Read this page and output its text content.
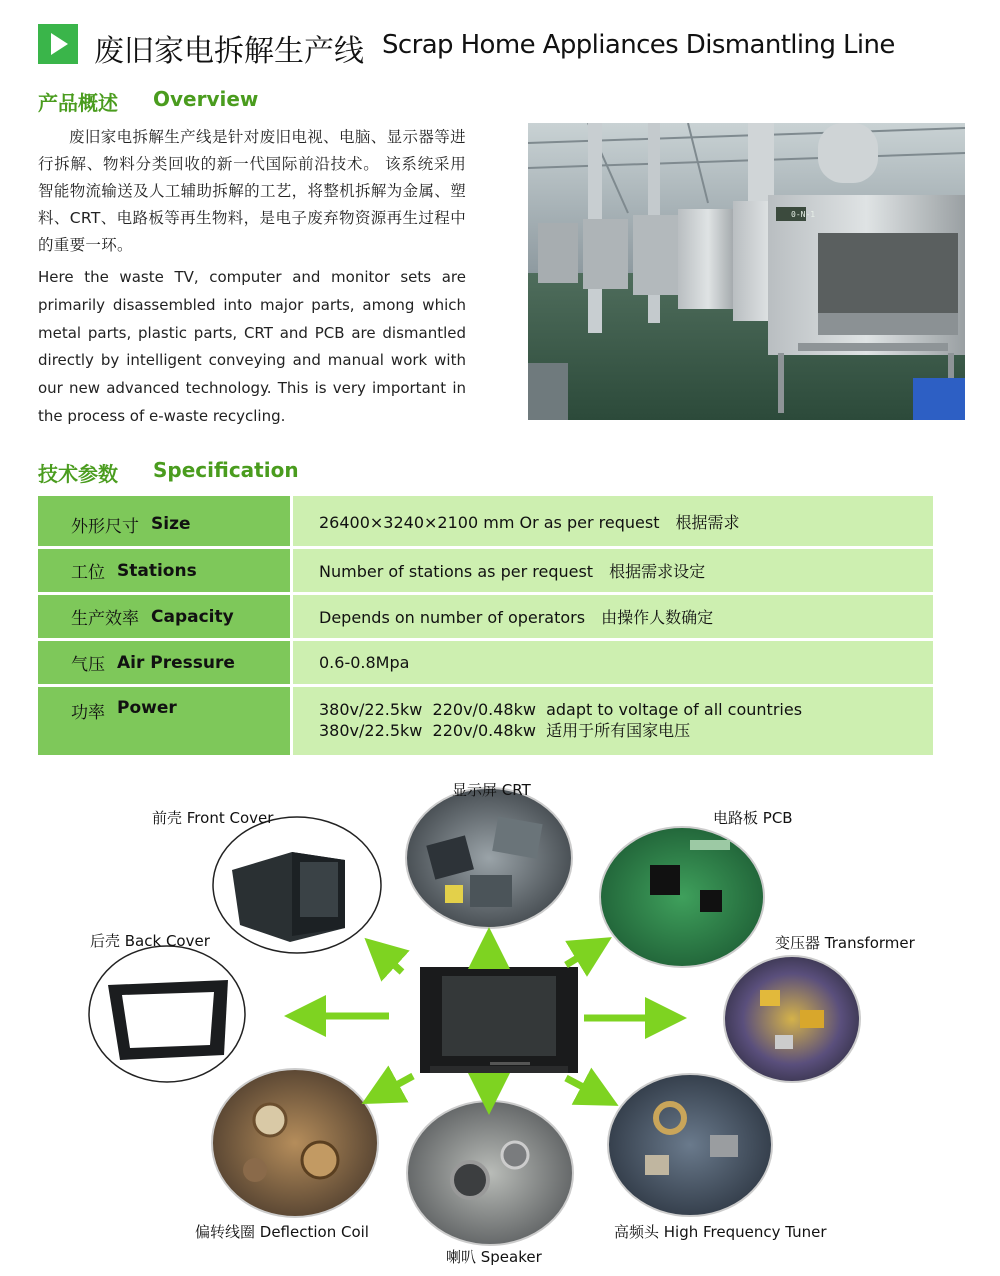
废旧家电拆解生产线 Scrap Home Appliances Dismantling Line
产品概述 Overview
废旧家电拆解生产线是针对废旧电视、电脑、显示器等进行拆解、物料分类回收的新一代国际前沿技术。 该系统采用智能物流输送及人工辅助拆解的工艺，将整机拆解为金属、塑料、CRT、电路板等再生物料，是电子废弃物资源再生过程中的重要一环。
Here the waste TV, computer and monitor sets are primarily disassembled into major parts, among which metal parts, plastic parts, CRT and PCB are dismantled directly by intelligent conveying and manual work with our new advanced technology. This is very important in the process of e-waste recycling.
0-N-1
技术参数 Specification
外形尺寸 Size	26400×3240×2100 mm Or as per request 根据需求
工位 Stations	Number of stations as per request 根据需求设定
生产效率 Capacity	Depends on number of operators 由操作人数确定
气压 Air Pressure	0.6-0.8Mpa
功率 Power	380v/22.5kw  220v/0.48kw  adapt to voltage of all countries
380v/22.5kw  220v/0.48kw  适用于所有国家电压
前壳 Front Cover
显示屏 CRT
电路板 PCB
后壳 Back Cover	变压器 Transformer
偏转线圈 Deflection Coil
喇叭 Speaker
高频头 High Frequency Tuner
